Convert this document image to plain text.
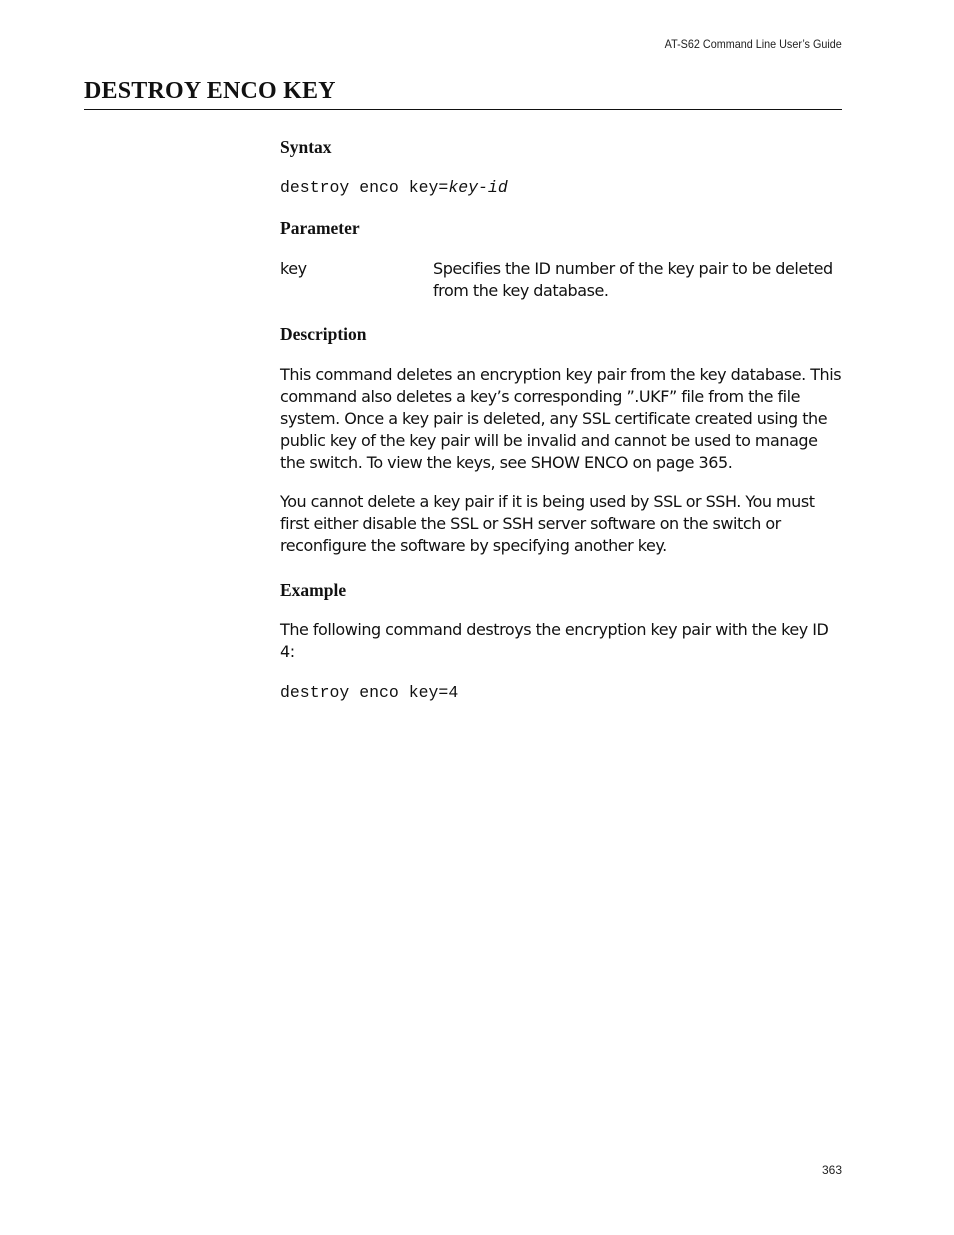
AT-S62 Command Line User’s Guide
DESTROY ENCO KEY
Syntax

destroy enco key=key-id

Parameter

key	Specifies the ID number of the key pair to be deleted from the key database.

Description

This command deletes an encryption key pair from the key database. This command also deletes a key’s corresponding ”.UKF” file from the file system. Once a key pair is deleted, any SSL certificate created using the public key of the key pair will be invalid and cannot be used to manage the switch. To view the keys, see SHOW ENCO on page 365.

You cannot delete a key pair if it is being used by SSL or SSH. You must first either disable the SSL or SSH server software on the switch or reconfigure the software by specifying another key.

Example

The following command destroys the encryption key pair with the key ID 4:

destroy enco key=4

363
